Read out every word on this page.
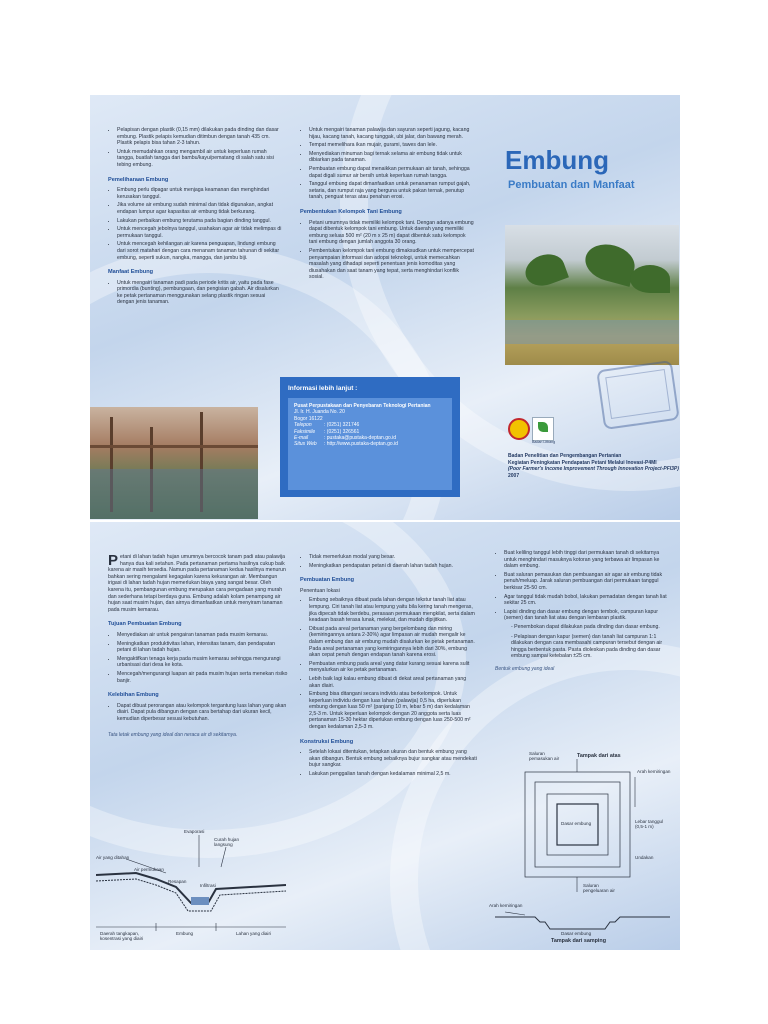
• Pelapisan dengan plastik (0,15 mm) dilakukan pada dinding dan dasar embung. Plastik pelapis kemudian ditimbun dengan tanah 435 cm. Plastik pelapis bisa tahan 2-3 tahun.
• Untuk memudahkan orang mengambil air untuk keperluan rumah tangga, buatlah tangga dari bambu/kayu/pematang di salah satu sisi tebing embung.
Pemeliharaan Embung
• Embung perlu dipagar untuk menjaga keamanan dan menghindari kerusakan tanggul.
• Jika volume air embung sudah minimal dan tidak digunakan, angkat endapan lumpur agar kapasitas air embung tidak berkurang.
• Lakukan perbaikan embung terutama pada bagian dinding tanggul.
• Untuk mencegah jebolnya tanggul, usahakan agar air tidak melimpas di permukaan tanggul.
• Untuk mencegah kehilangan air karena penguapan, lindungi embung dari sorot matahari dengan cara menanam tanaman tahunan di sekitar embung, seperti sukun, nangka, mangga, dan jambu biji.
Manfaat Embung
• Untuk mengairi tanaman padi pada periode kritis air, yaitu pada fase primordia (bunting), pembungaan, dan pengisian gabah. Air disalurkan ke petak pertanaman menggunakan selang plastik ringan sesuai dengan jenis tanaman.
• Untuk mengairi tanaman palawija dan sayuran seperti jagung, kacang hijau, kacang tanah, kacang tunggak, ubi jalar, dan bawang merah.
• Tempat memelihara ikan mujair, gurami, tawes dan lele.
• Menyediakan minuman bagi ternak selama air embung tidak untuk dibiarkan pada tanaman.
• Pembuatan embung dapat menaikkan permukaan air tanah, sehingga dapat digali sumur air bersih untuk keperluan rumah tangga.
• Tanggul embung dapat dimanfaatkan untuk penanaman rumput gajah, setaria, dan rumput raja yang berguna untuk pakan ternak, penutup tanah, penguat teras atau penahan erosi.
Pembentukan Kelompok Tani Embung
• Petani umumnya tidak memiliki kelompok tani. Dengan adanya embung dapat dibentuk kelompok tani embung. Untuk daerah yang memiliki embung seluas 500 m² (20 m x 25 m) dapat dibentuk satu kelompok tani embung dengan jumlah anggota 30 orang.
• Pembentukan kelompok tani embung dimaksudkan untuk mempercepat penyampaian informasi dan adopsi teknologi, untuk memecahkan masalah yang dihadapi seperti penentuan jenis komoditas yang diusahakan dan saat tanam yang tepat, serta menghindari konflik sosial.
Informasi lebih lanjut :
Pusat Perpustakaan dan Penyebaran Teknologi Pertanian
Jl. Ir. H. Juanda No. 20
Bogor 16122
Telepon	: (0251) 321746
Faksimile	: (0251) 326561
E-mail	: pustaka@pustaka-deptan.go.id
Situs Web	: http://www.pustaka-deptan.go.id
Embung
Pembuatan dan Manfaat
Badan Litbang
Badan Penelitian dan Pengembangan Pertanian
Kegiatan Peningkatan Pendapatan Petani Melalui Inovasi-P4MI
(Poor Farmer's Income Improvement Through Innovation Project-PFI3P)
2007
Petani di lahan tadah hujan umumnya bercocok tanam padi atau palawija hanya dua kali setahun. Pada pertanaman pertama hasilnya cukup baik karena air masih tersedia. Namun pada pertanaman kedua hasilnya menurun bahkan sering mengalami kegagalan karena kekurangan air. Membangun irigasi di lahan tadah hujan memerlukan biaya yang sangat besar. Oleh karena itu, pembangunan embung merupakan cara pengadaan yang murah dan sederhana tetapi berdaya guna. Embung adalah kolam penampung air hujan saat musim hujan, dan airnya dimanfaatkan untuk menyiram tanaman pada musim kemarau.
Tujuan Pembuatan Embung
• Menyediakan air untuk pengairan tanaman pada musim kemarau.
• Meningkatkan produktivitas lahan, intensitas tanam, dan pendapatan petani di lahan tadah hujan.
• Mengaktifkan tenaga kerja pada musim kemarau sehingga mengurangi urbanisasi dari desa ke kota.
• Mencegah/mengurangi luapan air pada musim hujan serta menekan risiko banjir.
Kelebihan Embung
• Dapat dibuat perorangan atau kelompok tergantung luas lahan yang akan diairi. Dapat pula dibangun dengan cara bertahap dari ukuran kecil, kemudian diperbesar sesuai kebutuhan.
Tata letak embung yang ideal dan neraca air di sekitarnya.
Air yang ditahan
Evaporasi
Curah hujan langsung
Air permukaan
Resapan
Infiltrasi
Daerah tangkapan, kosentrasi yang diairi
Embung	Lahan yang diairi
• Tidak memerlukan modal yang besar.
• Meningkatkan pendapatan petani di daerah lahan tadah hujan.
Pembuatan Embung
Penentuan lokasi
• Embung sebaiknya dibuat pada lahan dengan tekstur tanah liat atau lempung. Ciri tanah liat atau lempung yaitu bila kering tanah mengeras, jika dipecah tidak berdebu, perasaan permukaan mengkilat, serta dalam keadaan basah terasa lunak, melekat, dan mudah dipijitkan.
• Dibuat pada areal pertanaman yang bergelombang dan miring (kemiringannya antara 2-30%) agar limpasan air mudah mengalir ke dalam embung dan air embung mudah disalurkan ke petak pertanaman. Pada areal pertanaman yang kemiringannya lebih dari 30%, embung akan cepat penuh dengan endapan tanah karena erosi.
• Pembuatan embung pada areal yang datar kurang sesuai karena sulit menyalurkan air ke petak pertanaman.
• Lebih baik lagi kalau embung dibuat di dekat areal pertanaman yang akan diairi.
• Embung bisa ditangani secara individu atau berkelompok. Untuk keperluan individu dengan luas lahan (palawija) 0,5 ha, diperlukan embung dengan luas 50 m² (panjang 10 m, lebar 5 m) dan kedalaman 2,5-3 m. Untuk keperluan kelompok dengan 20 anggota serta luas pertanaman 15-30 hektar diperlukan embung dengan luas 250-500 m² dengan kedalaman 2,5-3 m.
Konstruksi Embung
• Setelah lokasi ditentukan, tetapkan ukuran dan bentuk embung yang akan dibangun. Bentuk embung sebaiknya bujur sangkar atau mendekati bujur sangkar.
• Lakukan penggalian tanah dengan kedalaman minimal 2,5 m.
• Buat keliling tanggul lebih tinggi dari permukaan tanah di sekitarnya untuk menghindari masuknya kotoran yang terbawa air limpasan ke dalam embung.
• Buat saluran pemasukan dan pembuangan air agar air embung tidak penuh/meluap. Jarak saluran pembuangan dari permukaan tanggul berkisar 25-50 cm.
• Agar tanggul tidak mudah bobol, lakukan pemadatan dengan tanah liat sekitar 25 cm.
• Lapisi dinding dan dasar embung dengan tembok, campuran kapur (semen) dan tanah liat atau dengan lembaran plastik.
- Penembokan dapat dilakukan pada dinding dan dasar embung.
- Pelapisan dengan kapur (semen) dan tanah liat campuran 1:1 dilakukan dengan cara membasahi campuran tersebut dengan air hingga berbentuk pasta. Pasta dioleskan pada dinding dan dasar embung sampai ketebalan ±25 cm.
Bentuk embung yang ideal
Saluran pemasukan air	Tampak dari atas
Arah kemiringan
Dasar embung	Lebar tanggul (0,5-1 m)
Undakan
Saluran pengeluaran air
Arah kemiringan
Dasar embung
Tampak dari samping
